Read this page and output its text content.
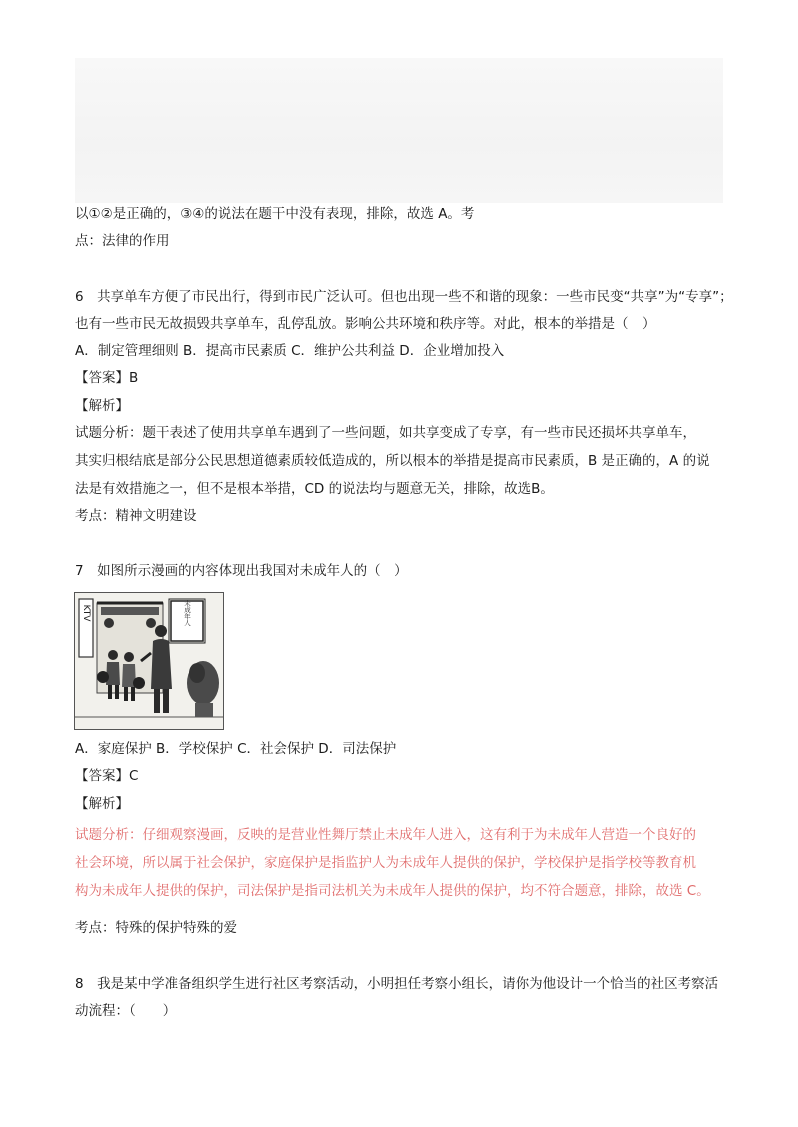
以①②是正确的，③④的说法在题干中没有表现，排除，故选 A。考
点：法律的作用
6　共享单车方便了市民出行，得到市民广泛认可。但也出现一些不和谐的现象：一些市民变“共享”为“专享”；
也有一些市民无故损毁共享单车，乱停乱放。影响公共环境和秩序等。对此，根本的举措是（　）
A．制定管理细则 B．提高市民素质 C．维护公共利益 D．企业增加投入
【答案】B
【解析】
试题分析：题干表述了使用共享单车遇到了一些问题，如共享变成了专享，有一些市民还损坏共享单车，
其实归根结底是部分公民思想道德素质较低造成的，所以根本的举措是提高市民素质，B 是正确的，A 的说
法是有效措施之一，但不是根本举措，CD 的说法均与题意无关，排除，故选B。
考点：精神文明建设
7　如图所示漫画的内容体现出我国对未成年人的（　）
KTV	未成年人
A．家庭保护 B．学校保护 C．社会保护 D．司法保护
【答案】C
【解析】
试题分析：仔细观察漫画，反映的是营业性舞厅禁止未成年人进入，这有利于为未成年人营造一个良好的
社会环境，所以属于社会保护，家庭保护是指监护人为未成年人提供的保护，学校保护是指学校等教育机
构为未成年人提供的保护，司法保护是指司法机关为未成年人提供的保护，均不符合题意，排除，故选 C。
考点：特殊的保护特殊的爱
8　我是某中学准备组织学生进行社区考察活动，小明担任考察小组长，请你为他设计一个恰当的社区考察活
动流程：（　　）
